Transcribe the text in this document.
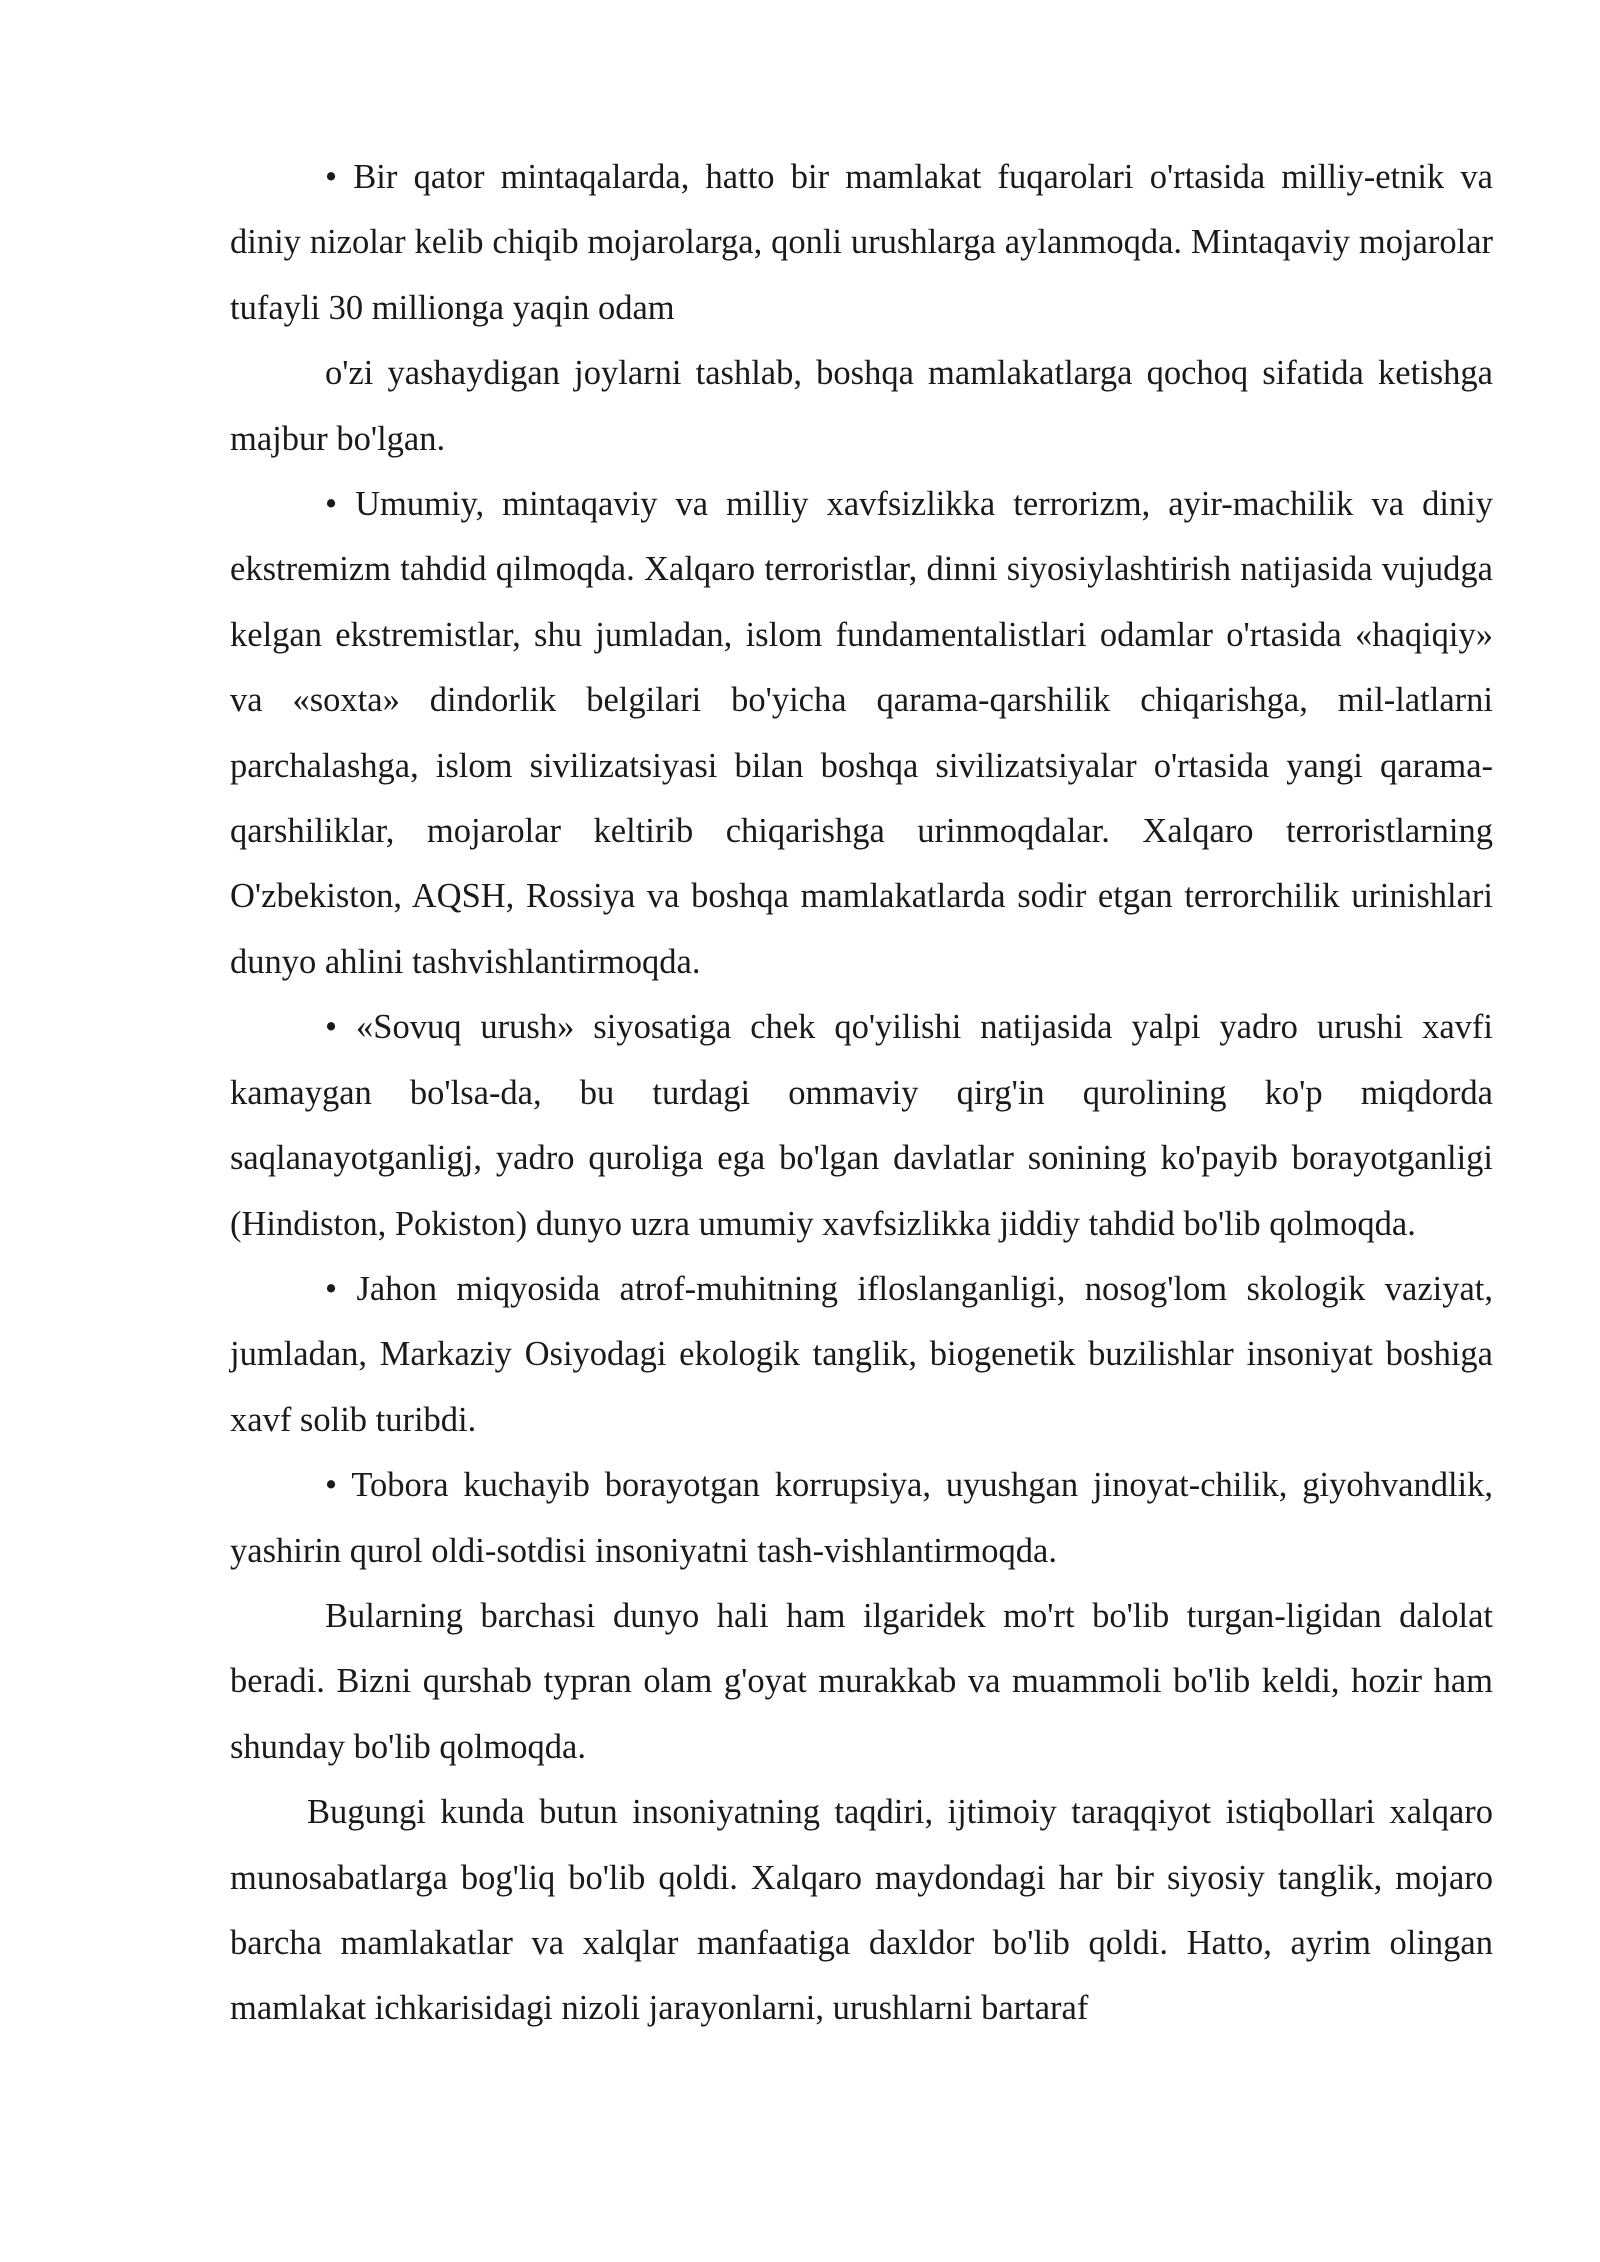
• Bir qator mintaqalarda, hatto bir mamlakat fuqarolari o'rtasida milliy-etnik va diniy nizolar kelib chiqib mojarolarga, qonli urushlarga aylanmoqda. Mintaqaviy mojarolar tufayli 30 millionga yaqin odam

o'zi yashaydigan joylarni tashlab, boshqa mamlakatlarga qochoq sifatida ketishga majbur bo'lgan.

• Umumiy, mintaqaviy va milliy xavfsizlikka terrorizm, ayir-machilik va diniy ekstremizm tahdid qilmoqda. Xalqaro terroristlar, dinni siyosiylashtirish natijasida vujudga kelgan ekstremistlar, shu jumladan, islom fundamentalistlari odamlar o'rtasida «haqiqiy» va «soxta» dindorlik belgilari bo'yicha qarama-qarshilik chiqarishga, mil-latlarni parchalashga, islom sivilizatsiyasi bilan boshqa sivilizatsiyalar o'rtasida yangi qarama-qarshiliklar, mojarolar keltirib chiqarishga urinmoqdalar. Xalqaro terroristlarning O'zbekiston, AQSH, Rossiya va boshqa mamlakatlarda sodir etgan terrorchilik urinishlari dunyo ahlini tashvishlantirmoqda.

• «Sovuq urush» siyosatiga chek qo'yilishi natijasida yalpi yadro urushi xavfi kamaygan bo'lsa-da, bu turdagi ommaviy qirg'in qurolining ko'p miqdorda saqlanayotganligj, yadro quroliga ega bo'lgan davlatlar sonining ko'payib borayotganligi (Hindiston, Pokiston) dunyo uzra umumiy xavfsizlikka jiddiy tahdid bo'lib qolmoqda.

• Jahon miqyosida atrof-muhitning ifloslanganligi, nosog'lom skologik vaziyat, jumladan, Markaziy Osiyodagi ekologik tanglik, biogenetik buzilishlar insoniyat boshiga xavf solib turibdi.

• Tobora kuchayib borayotgan korrupsiya, uyushgan jinoyat-chilik, giyohvandlik, yashirin qurol oldi-sotdisi insoniyatni tash-vishlantirmoqda.

Bularning barchasi dunyo hali ham ilgaridek mo'rt bo'lib turgan-ligidan dalolat beradi. Bizni qurshab typran olam g'oyat murakkab va muammoli bo'lib keldi, hozir ham shunday bo'lib qolmoqda.

Bugungi kunda butun insoniyatning taqdiri, ijtimoiy taraqqiyot istiqbollari xalqaro munosabatlarga bog'liq bo'lib qoldi. Xalqaro maydondagi har bir siyosiy tanglik, mojaro barcha mamlakatlar va xalqlar manfaatiga daxldor bo'lib qoldi. Hatto, ayrim olingan mamlakat ichkarisidagi nizoli jarayonlarni, urushlarni bartaraf
